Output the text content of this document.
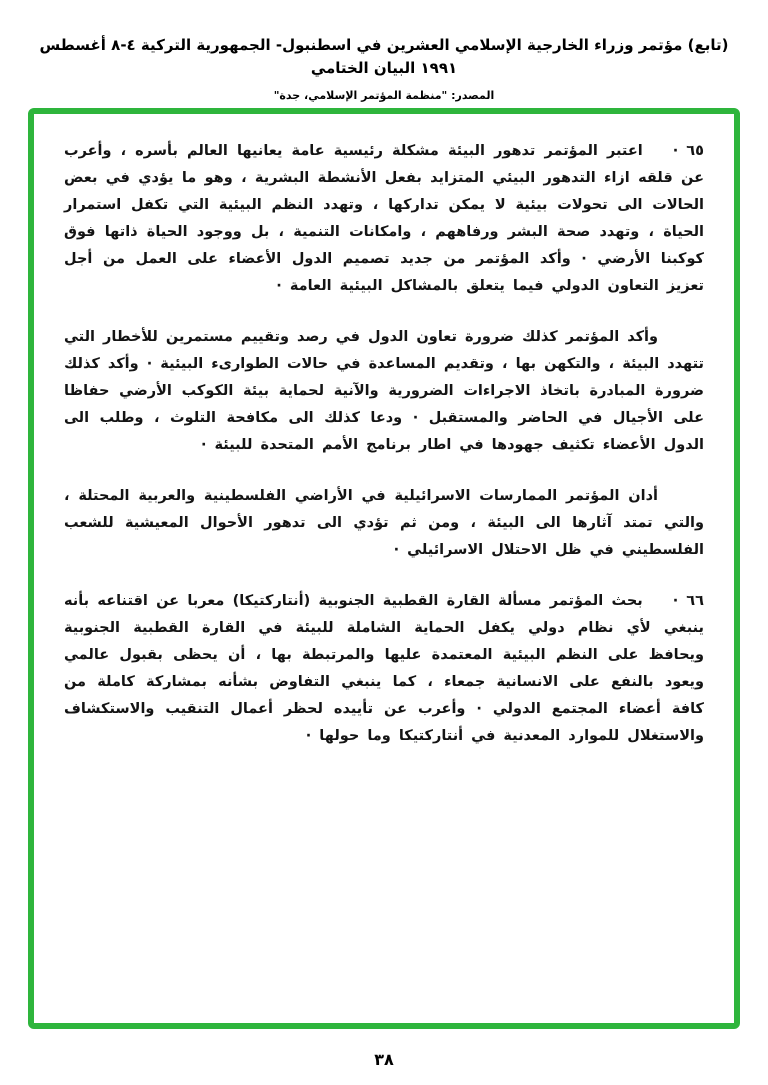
(تابع) مؤتمر وزراء الخارجية الإسلامي العشرين في اسطنبول- الجمهورية التركية ٤-٨ أغسطس ١٩٩١ البيان الختامي
المصدر: "منظمة المؤتمر الإسلامي، جدة"

٦٥ ·اعتبر المؤتمر تدهور البيئة مشكلة رئيسية عامة يعانيها العالم بأسره ، وأعرب عن قلقه ازاء التدهور البيئي المتزايد بفعل الأنشطة البشرية ، وهو ما يؤدي في بعض الحالات الى تحولات بيئية لا يمكن تداركها ، وتهدد النظم البيئية التي تكفل استمرار الحياة ، وتهدد صحة البشر ورفاههم ، وامكانات التنمية ، بل ووجود الحياة ذاتها فوق كوكبنا الأرضي · وأكد المؤتمر من جديد تصميم الدول الأعضاء على العمل من أجل تعزيز التعاون الدولي فيما يتعلق بالمشاكل البيئية العامة ·

وأكد المؤتمر كذلك ضرورة تعاون الدول في رصد وتقييم مستمرين للأخطار التي تتهدد البيئة ، والتكهن بها ، وتقديم المساعدة في حالات الطوارىء البيئية · وأكد كذلك ضرورة المبادرة باتخاذ الاجراءات الضرورية والآنية لحماية بيئة الكوكب الأرضي حفاظا على الأجيال في الحاضر والمستقبل · ودعا كذلك الى مكافحة التلوث ، وطلب الى الدول الأعضاء تكثيف جهودها في اطار برنامج الأمم المتحدة للبيئة ·

أدان المؤتمر الممارسات الاسرائيلية في الأراضي الفلسطينية والعربية المحتلة ، والتي تمتد آثارها الى البيئة ، ومن ثم تؤدي الى تدهور الأحوال المعيشية للشعب الفلسطيني في ظل الاحتلال الاسرائيلي ·

٦٦ ·بحث المؤتمر مسألة القارة القطبية الجنوبية (أنتاركتيكا) معربا عن اقتناعه بأنه ينبغي لأي نظام دولي يكفل الحماية الشاملة للبيئة في القارة القطبية الجنوبية ويحافظ على النظم البيئية المعتمدة عليها والمرتبطة بها ، أن يحظى بقبول عالمي ويعود بالنفع على الانسانية جمعاء ، كما ينبغي التفاوض بشأنه بمشاركة كاملة من كافة أعضاء المجتمع الدولي · وأعرب عن تأييده لحظر أعمال التنقيب والاستكشاف والاستغلال للموارد المعدنية في أنتاركتيكا وما حولها ·

٣٨
